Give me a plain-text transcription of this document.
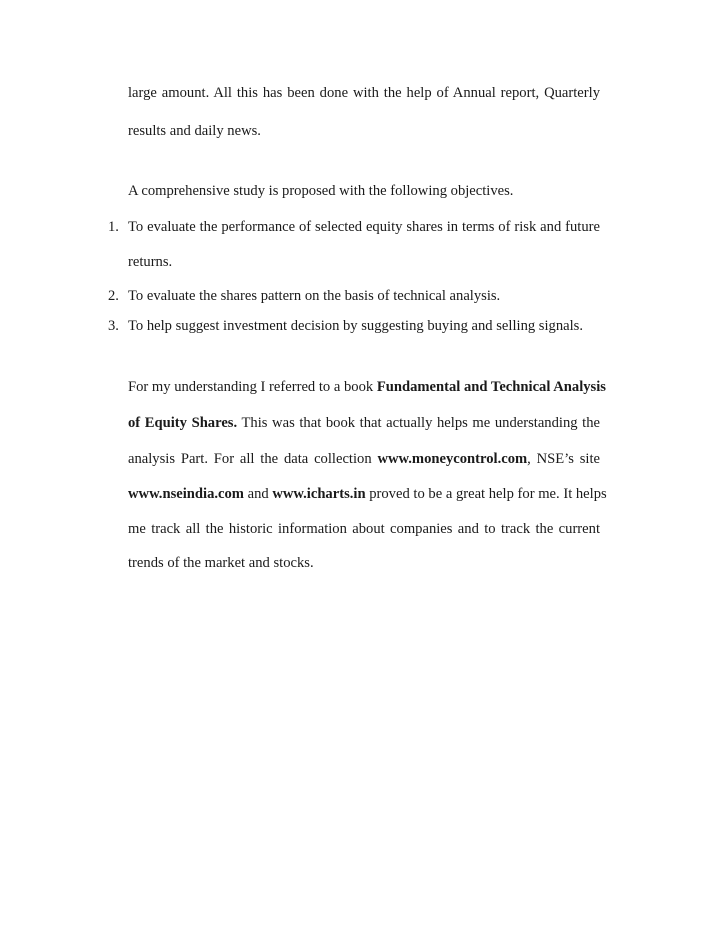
large amount. All this has been done with the help of Annual report, Quarterly
results and daily news.
A comprehensive study is proposed with the following objectives.
1. To evaluate the performance of selected equity shares in terms of risk and future
returns.
2. To evaluate the shares pattern on the basis of technical analysis.
3. To help suggest investment decision by suggesting buying and selling signals.
For my understanding I referred to a book Fundamental and Technical Analysis
of Equity Shares. This was that book that actually helps me understanding the
analysis Part. For all the data collection www.moneycontrol.com, NSE’s site
www.nseindia.com and www.icharts.in proved to be a great help for me. It helps
me track all the historic information about companies and to track the current
trends of the market and stocks.
